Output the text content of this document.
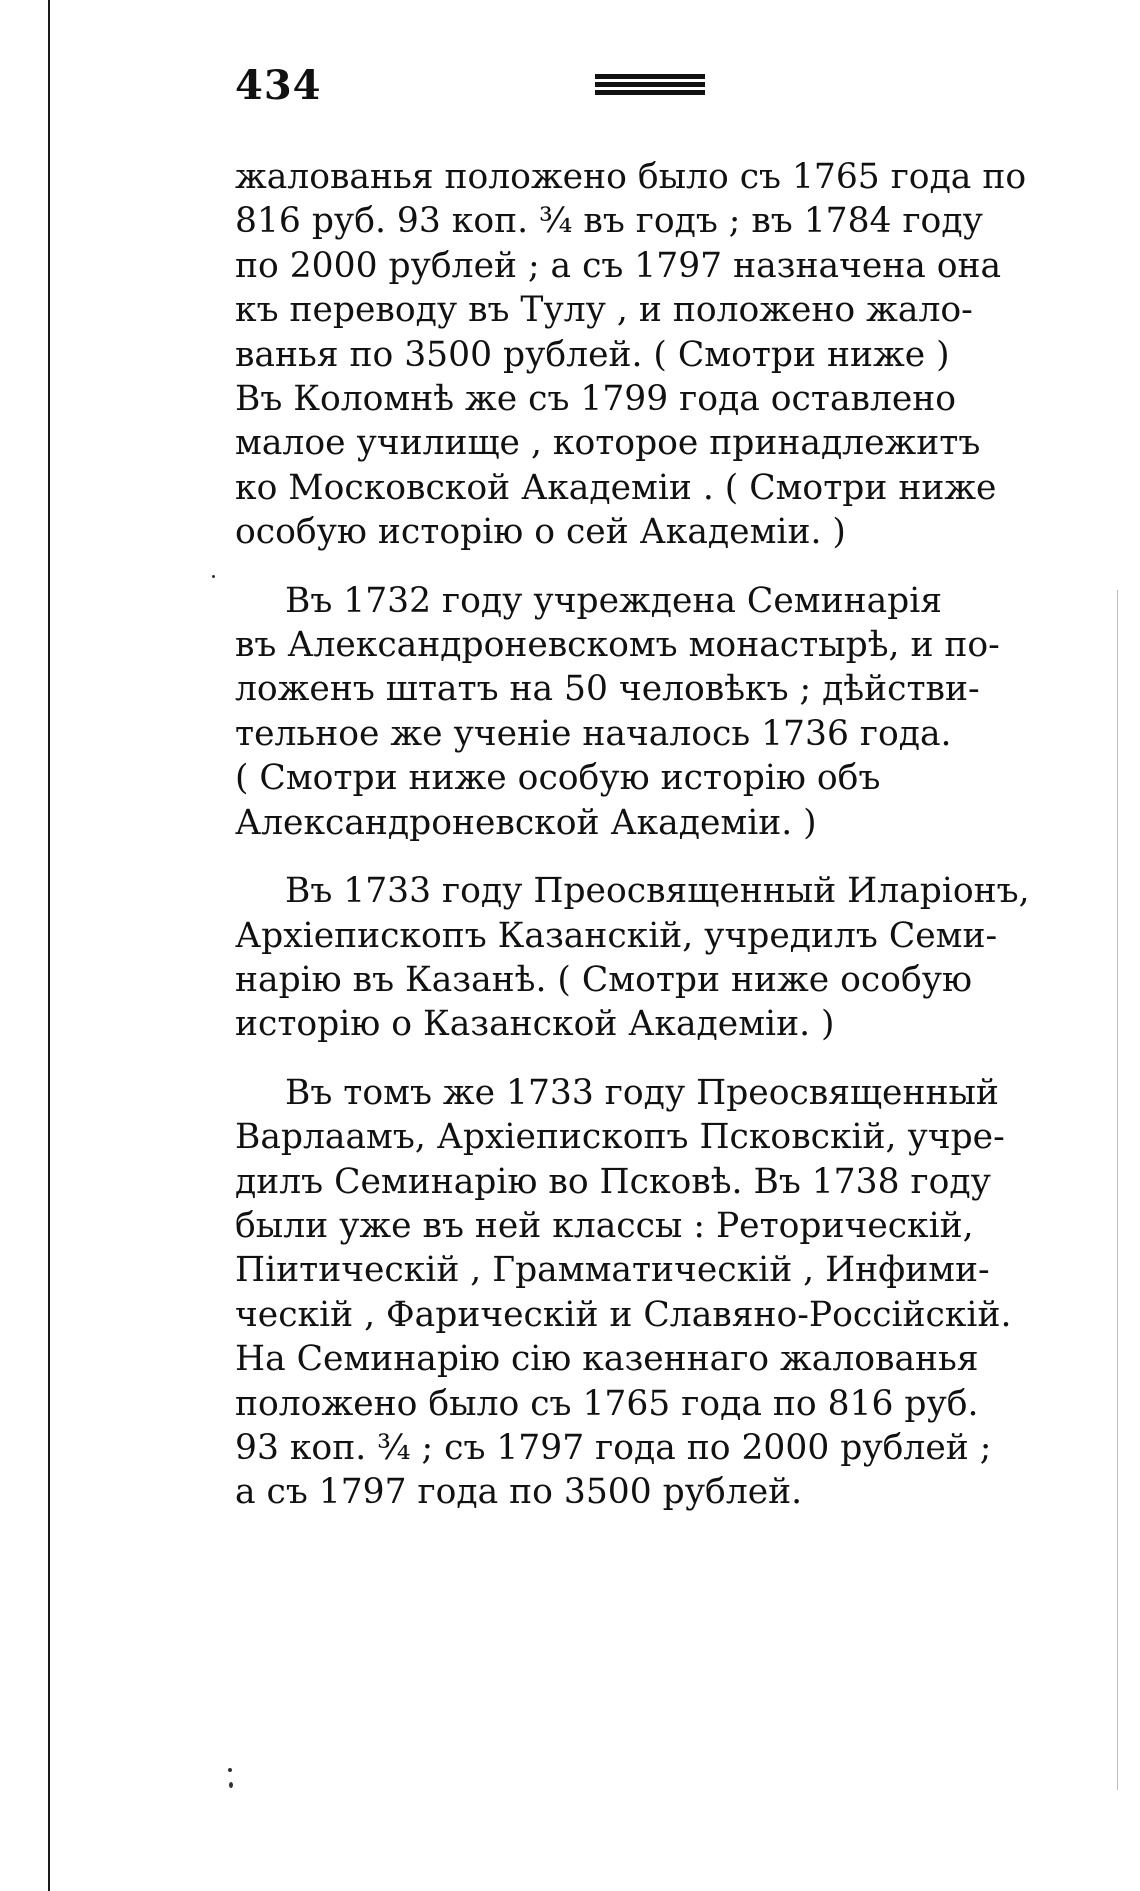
434
жалованья положено было съ 1765 года по
816 руб. 93 коп. ¾ въ годъ ; въ 1784 году
по 2000 рублей ; а съ 1797 назначена она
къ переводу въ Тулу , и положено жало-
ванья по 3500 рублей. ( Смотри ниже )
Въ Коломнѣ же съ 1799 года оставлено
малое училище , которое принадлежитъ
ко Московской Академіи . ( Смотри ниже
особую исторію о сей Академіи. )
Въ 1732 году учреждена Семинарія
въ Александроневскомъ монастырѣ, и по-
ложенъ штатъ на 50 человѣкъ ; дѣйстви-
тельное же ученіе началось 1736 года.
( Смотри ниже особую исторію объ
Александроневской Академіи. )
Въ 1733 году Преосвященный Иларіонъ,
Архіепископъ Казанскій, учредилъ Семи-
нарію въ Казанѣ. ( Смотри ниже особую
исторію о Казанской Академіи. )
Въ томъ же 1733 году Преосвященный
Варлаамъ, Архіепископъ Псковскій, учре-
дилъ Семинарію во Псковѣ. Въ 1738 году
были уже въ ней классы : Реторическій,
Піитическій , Грамматическій , Инфими-
ческій , Фарическій и Славяно-Россійскій.
На Семинарію сію казеннаго жалованья
положено было съ 1765 года по 816 руб.
93 коп. ¾ ; съ 1797 года по 2000 рублей ;
а съ 1797 года по 3500 рублей.
